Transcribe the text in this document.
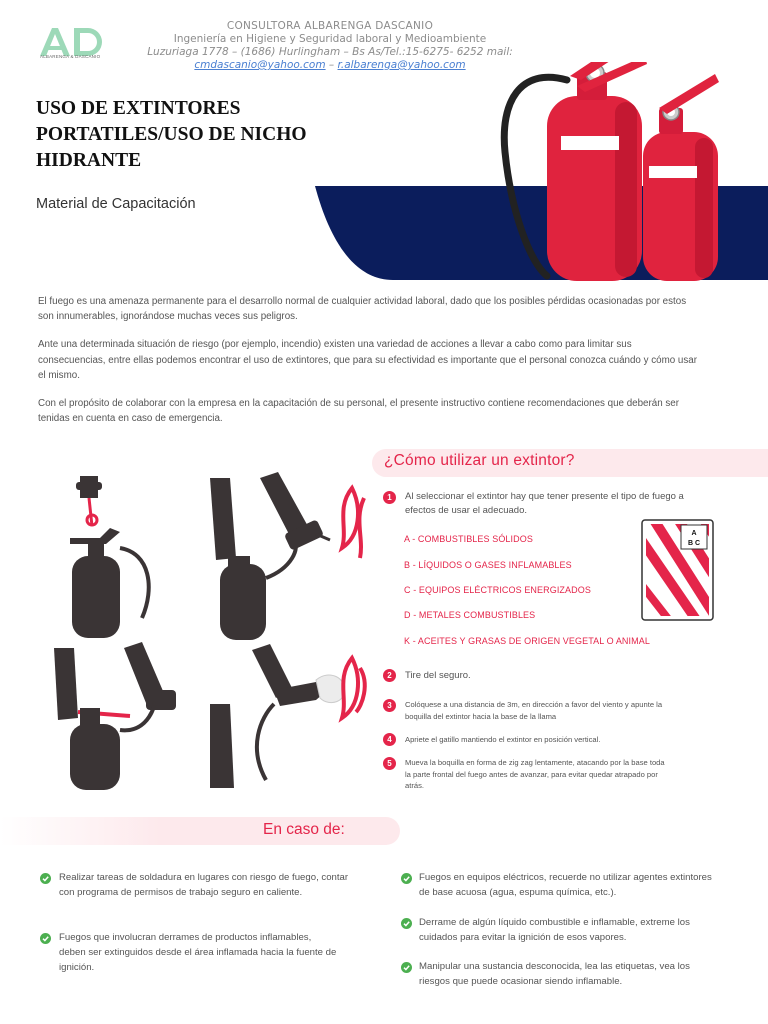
ALBARENGA & DASCANIO
CONSULTORA ALBARENGA DASCANIO
Ingeniería en Higiene y Seguridad laboral y Medioambiente
Luzuriaga 1778 – (1686) Hurlingham – Bs As/Tel.:15-6275- 6252 mail:
cmdascanio@yahoo.com – r.albarenga@yahoo.com
USO DE EXTINTORES
PORTATILES/USO DE NICHO
HIDRANTE
Material de Capacitación

El fuego es una amenaza permanente para el desarrollo normal de cualquier actividad laboral, dado que los posibles pérdidas ocasionadas por estos son innumerables, ignorándose muchas veces sus peligros.

Ante una determinada situación de riesgo (por ejemplo, incendio) existen una variedad de acciones a llevar a cabo como para limitar sus consecuencias, entre ellas podemos encontrar el uso de extintores, que para su efectividad es importante que el personal conozca cuándo y cómo usar el mismo.

Con el propósito de colaborar con la empresa en la capacitación de su personal, el presente instructivo contiene recomendaciones que deberán ser tenidas en cuenta en caso de emergencia.

¿Cómo utilizar un extintor?
1	Al seleccionar el extintor hay que tener presente el tipo de fuego a efectos de usar el adecuado.
A - COMBUSTIBLES SÓLIDOS
B - LÍQUIDOS O GASES INFLAMABLES
C - EQUIPOS ELÉCTRICOS ENERGIZADOS
D - METALES COMBUSTIBLES
K - ACEITES Y GRASAS DE ORIGEN VEGETAL O ANIMAL
A
B C
2	Tire del seguro.
3	Colóquese a una distancia de 3m, en dirección a favor del viento y apunte la boquilla del extintor hacia la base de la llama
4	Apriete el gatillo mantiendo el extintor en posición vertical.
5	Mueva la boquilla en forma de zig zag lentamente, atacando por la base toda la parte frontal del fuego antes de avanzar, para evitar quedar atrapado por atrás.
En caso de:
Realizar tareas de soldadura en lugares con riesgo de fuego, contar con programa de permisos de trabajo seguro en caliente.
Fuegos que involucran derrames de productos inflamables, deben ser extinguidos desde el área inflamada hacia la fuente de ignición.
Fuegos en equipos eléctricos, recuerde no utilizar agentes extintores de base acuosa (agua, espuma química, etc.).
Derrame de algún líquido combustible e inflamable, extreme los cuidados para evitar la ignición de esos vapores.
Manipular una sustancia desconocida, lea las etiquetas, vea los riesgos que puede ocasionar siendo inflamable.
